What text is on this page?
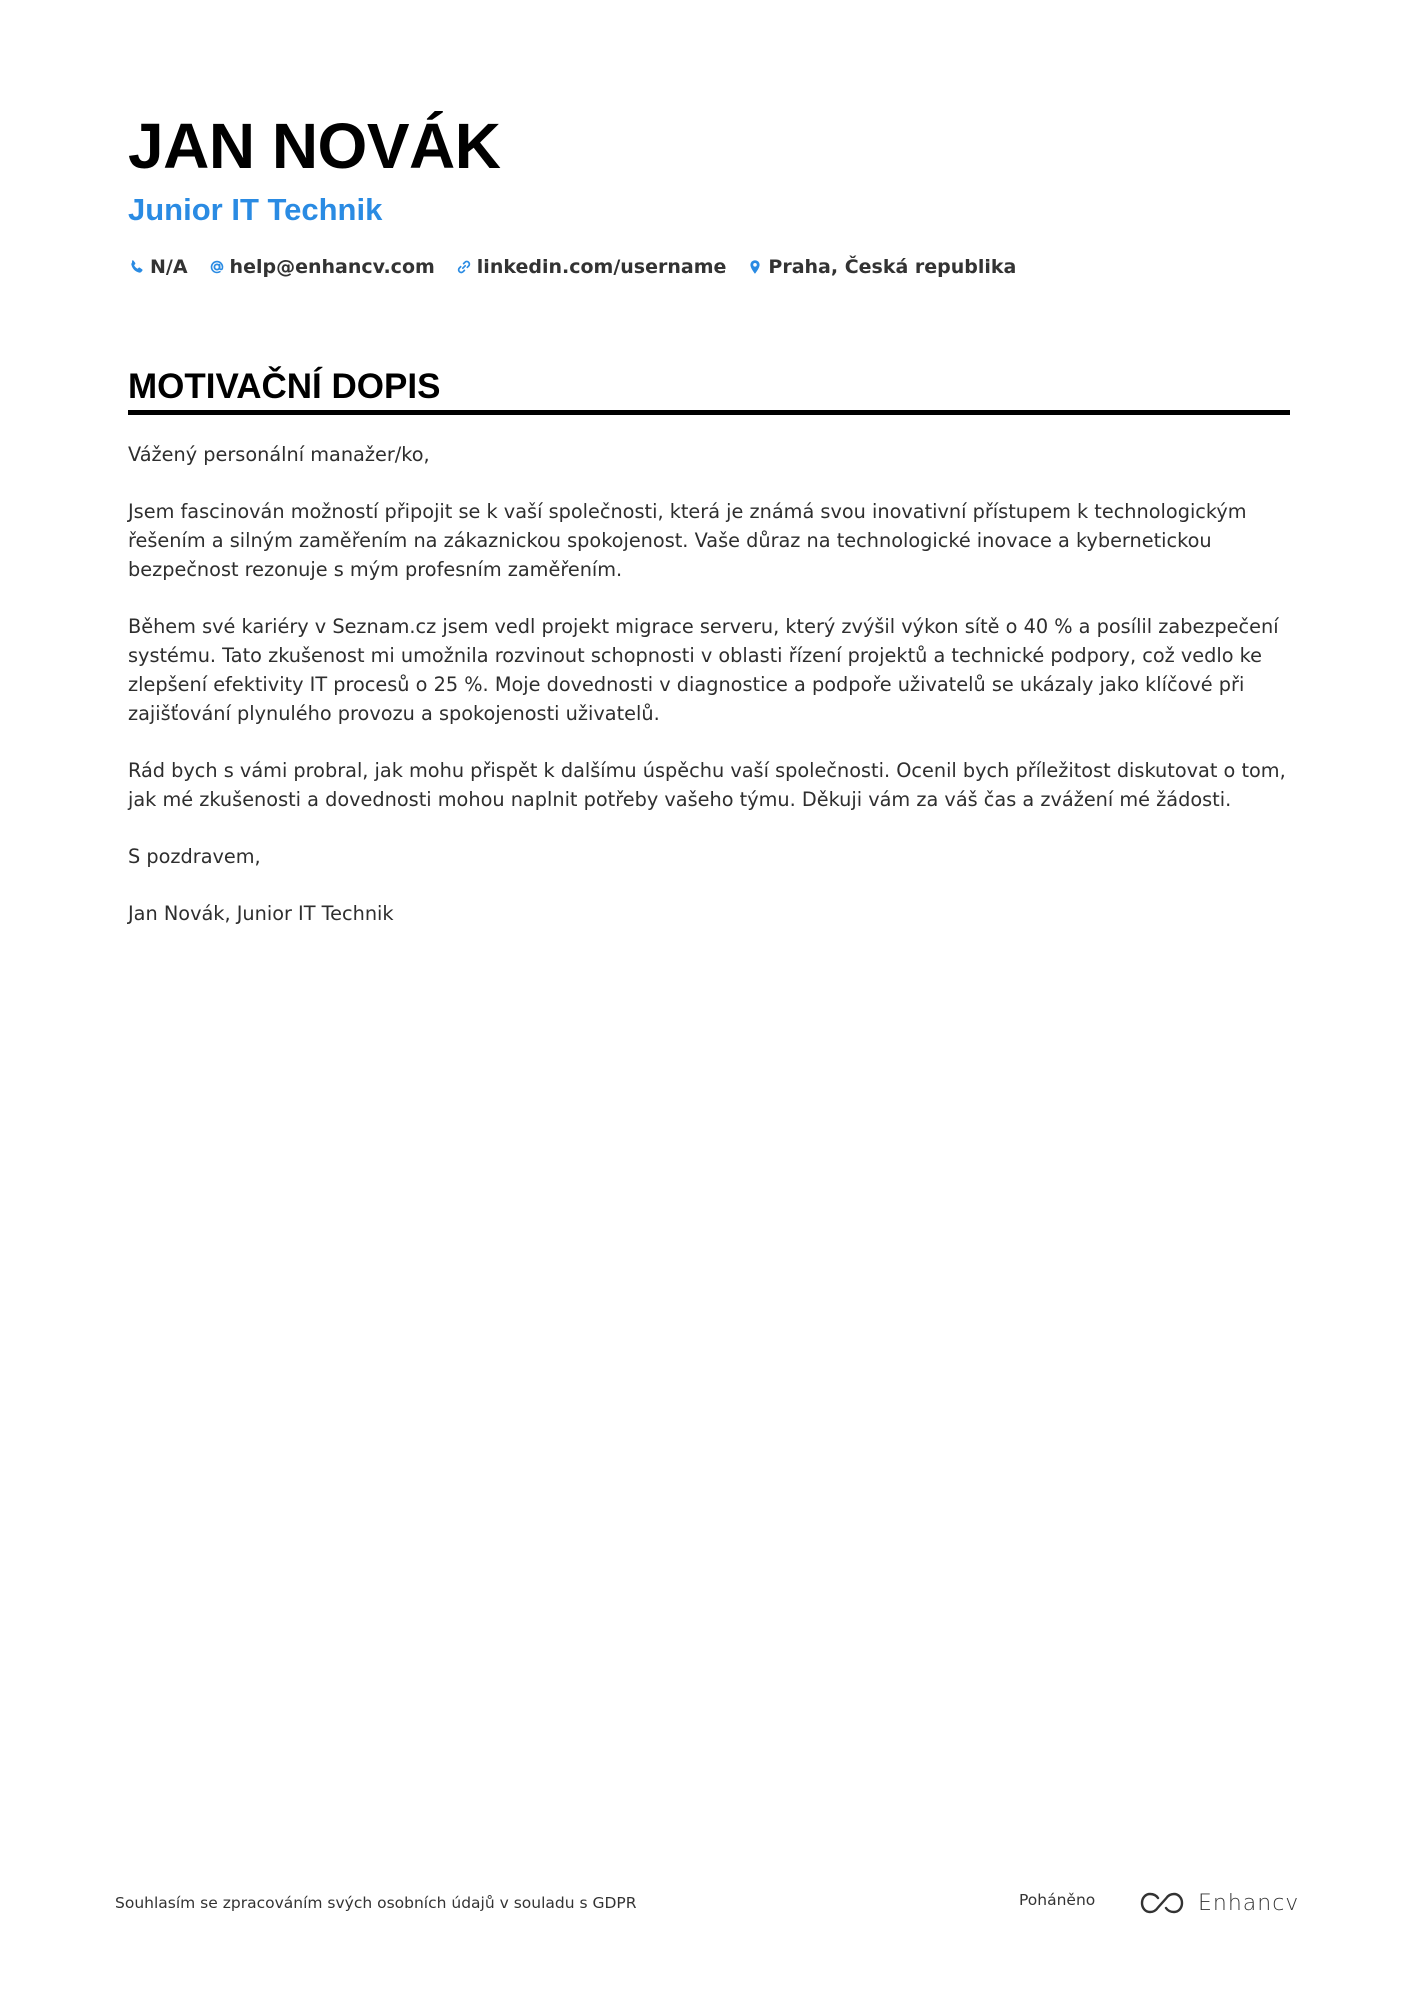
JAN NOVÁK
Junior IT Technik
N/A help@enhancv.com linkedin.com/username Praha, Česká republika
MOTIVAČNÍ DOPIS

Vážený personální manažer/ko,

Jsem fascinován možností připojit se k vaší společnosti, která je známá svou inovativní přístupem k technologickým řešením a silným zaměřením na zákaznickou spokojenost. Vaše důraz na technologické inovace a kybernetickou bezpečnost rezonuje s mým profesním zaměřením.

Během své kariéry v Seznam.cz jsem vedl projekt migrace serveru, který zvýšil výkon sítě o 40 % a posílil zabezpečení systému. Tato zkušenost mi umožnila rozvinout schopnosti v oblasti řízení projektů a technické podpory, což vedlo ke zlepšení efektivity IT procesů o 25 %. Moje dovednosti v diagnostice a podpoře uživatelů se ukázaly jako klíčové při zajišťování plynulého provozu a spokojenosti uživatelů.

Rád bych s vámi probral, jak mohu přispět k dalšímu úspěchu vaší společnosti. Ocenil bych příležitost diskutovat o tom, jak mé zkušenosti a dovednosti mohou naplnit potřeby vašeho týmu. Děkuji vám za váš čas a zvážení mé žádosti.

S pozdravem,

Jan Novák, Junior IT Technik

Souhlasím se zpracováním svých osobních údajů v souladu s GDPR	Poháněno	Enhancv
